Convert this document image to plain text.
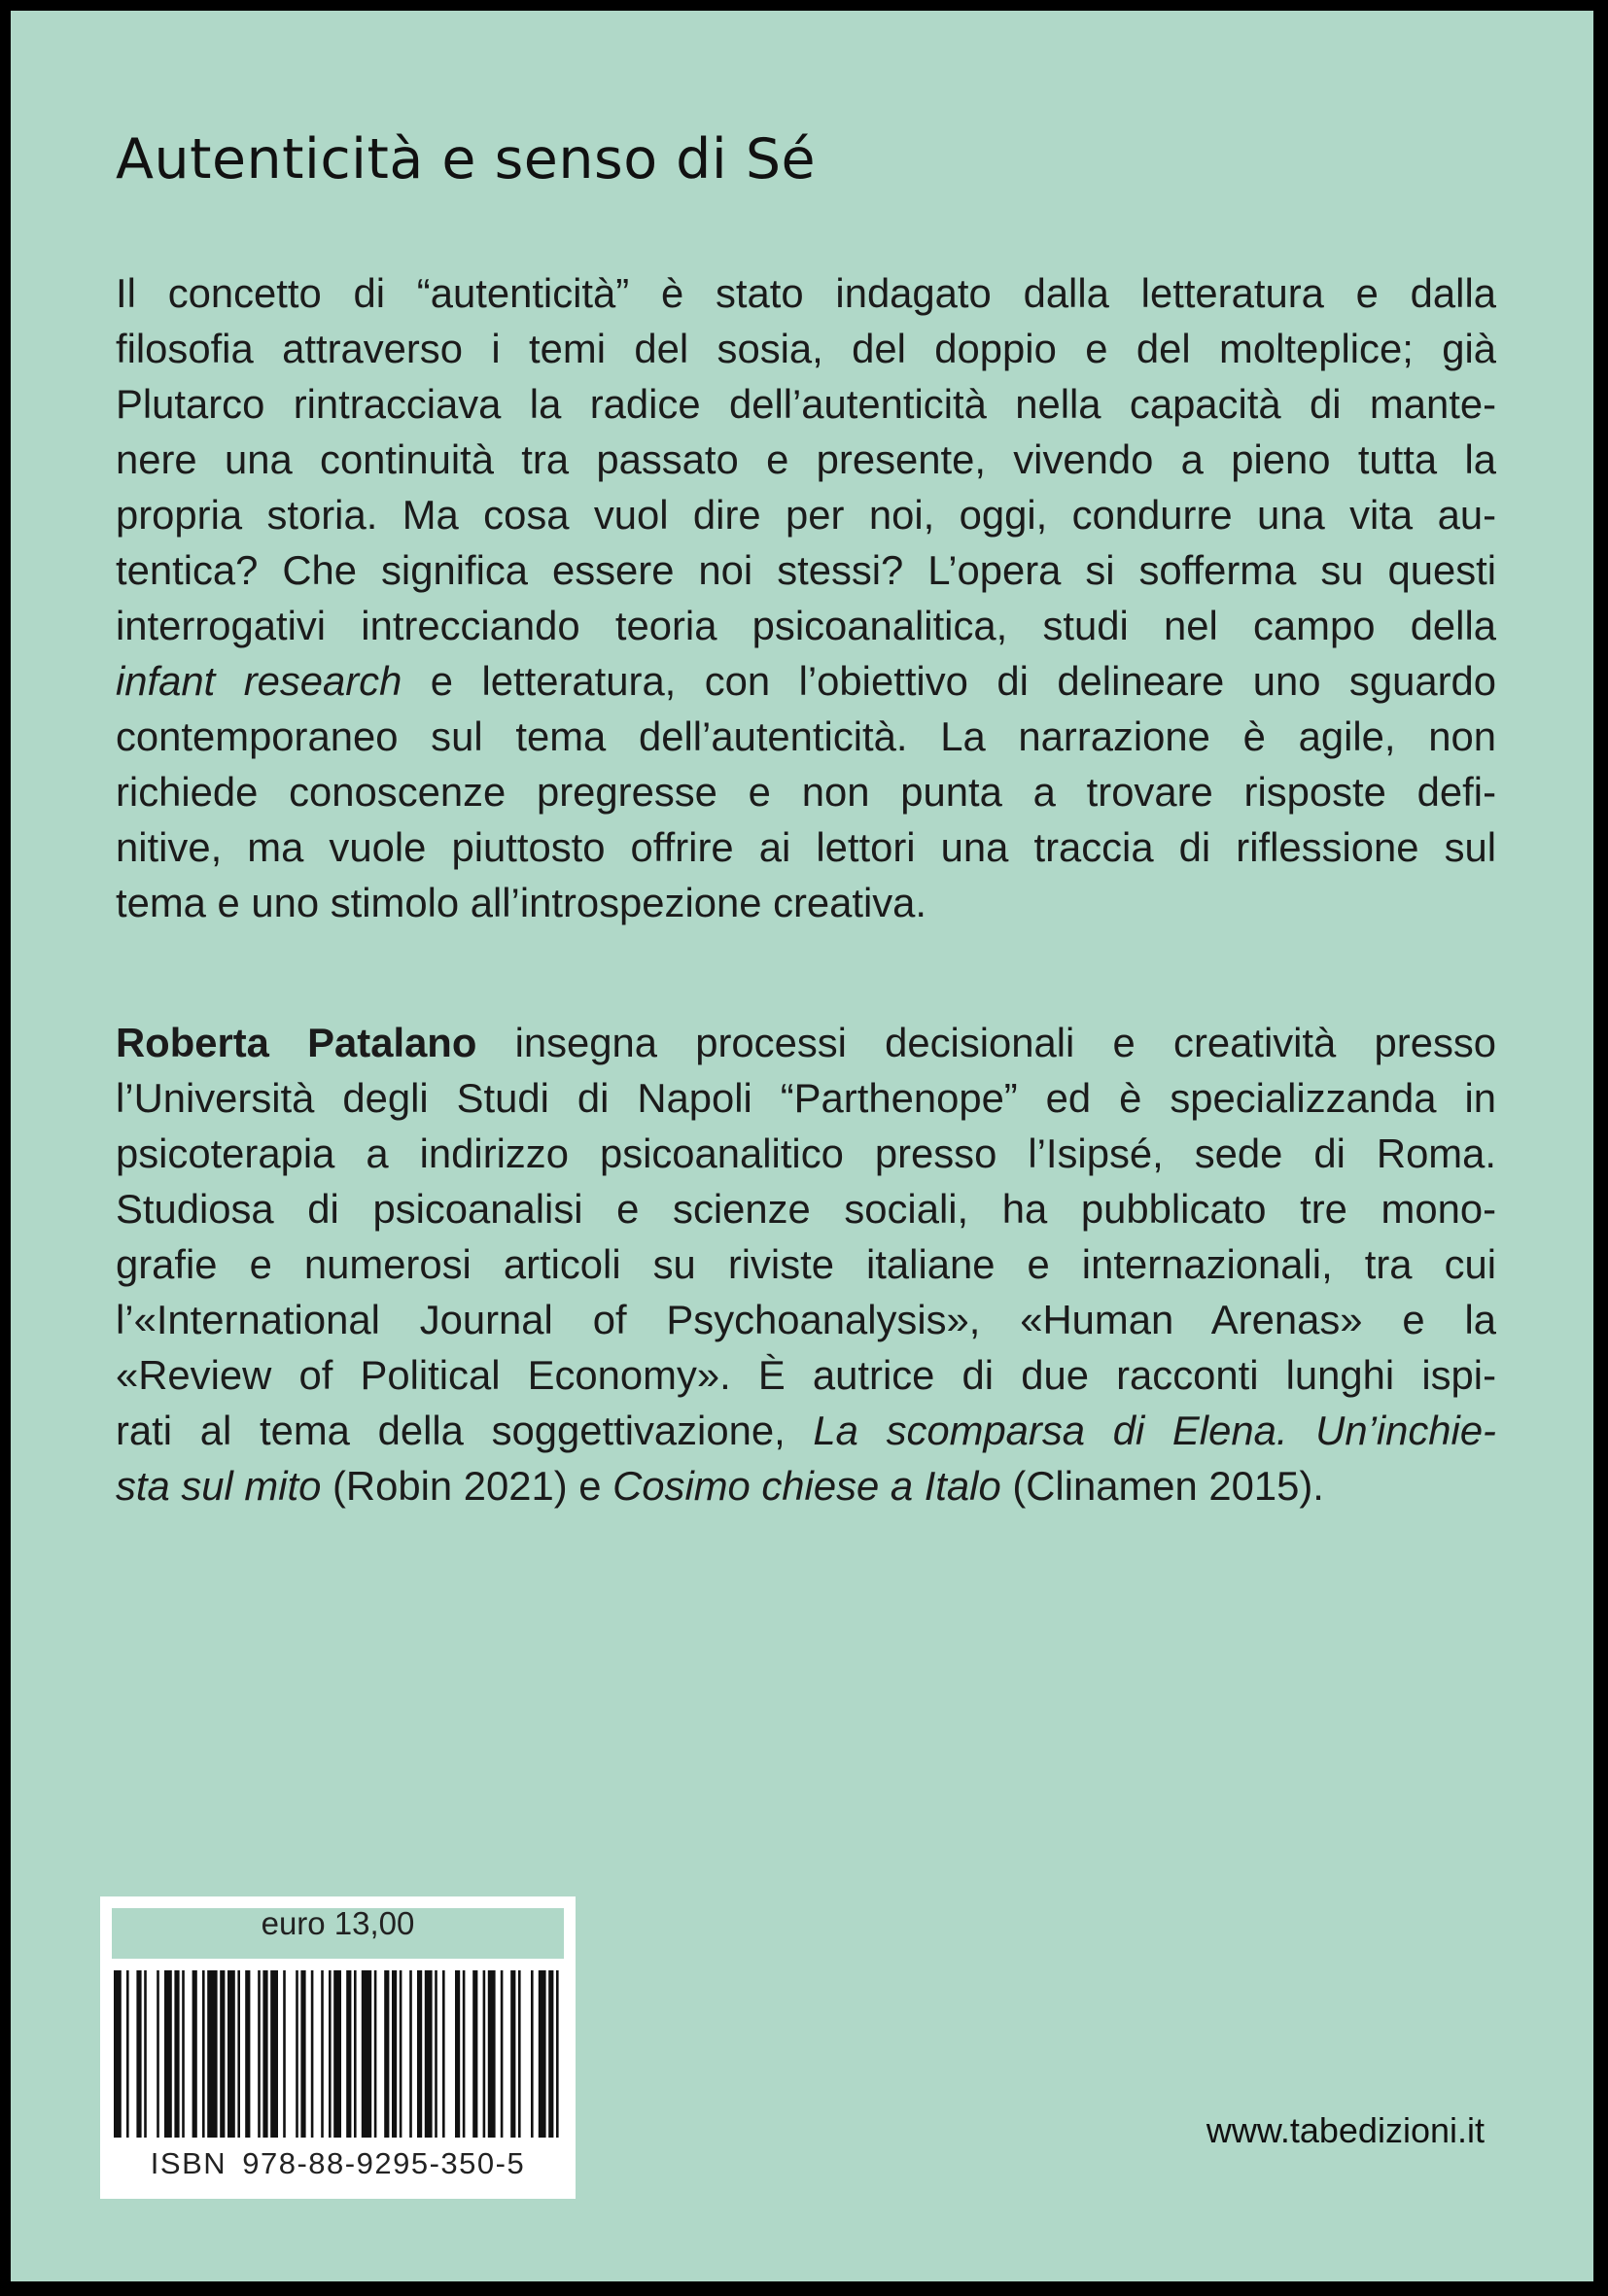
Autenticità e senso di Sé
Il concetto di “autenticità” è stato indagato dalla letteratura e dalla
filosofia attraverso i temi del sosia, del doppio e del molteplice; già
Plutarco rintracciava la radice dell’autenticità nella capacità di mante-
nere una continuità tra passato e presente, vivendo a pieno tutta la
propria storia. Ma cosa vuol dire per noi, oggi, condurre una vita au-
tentica? Che significa essere noi stessi? L’opera si sofferma su questi
interrogativi intrecciando teoria psicoanalitica, studi nel campo della
infant research e letteratura, con l’obiettivo di delineare uno sguardo
contemporaneo sul tema dell’autenticità. La narrazione è agile, non
richiede conoscenze pregresse e non punta a trovare risposte defi-
nitive, ma vuole piuttosto offrire ai lettori una traccia di riflessione sul
tema e uno stimolo all’introspezione creativa.
Roberta Patalano insegna processi decisionali e creatività presso
l’Università degli Studi di Napoli “Parthenope” ed è specializzanda in
psicoterapia a indirizzo psicoanalitico presso l’Isipsé, sede di Roma.
Studiosa di psicoanalisi e scienze sociali, ha pubblicato tre mono-
grafie e numerosi articoli su riviste italiane e internazionali, tra cui
l’«International Journal of Psychoanalysis», «Human Arenas» e la
«Review of Political Economy». È autrice di due racconti lunghi ispi-
rati al tema della soggettivazione, La scomparsa di Elena. Un’inchie-
sta sul mito (Robin 2021) e Cosimo chiese a Italo (Clinamen 2015).
euro 13,00
ISBN 978-88-9295-350-5
www.tabedizioni.it
